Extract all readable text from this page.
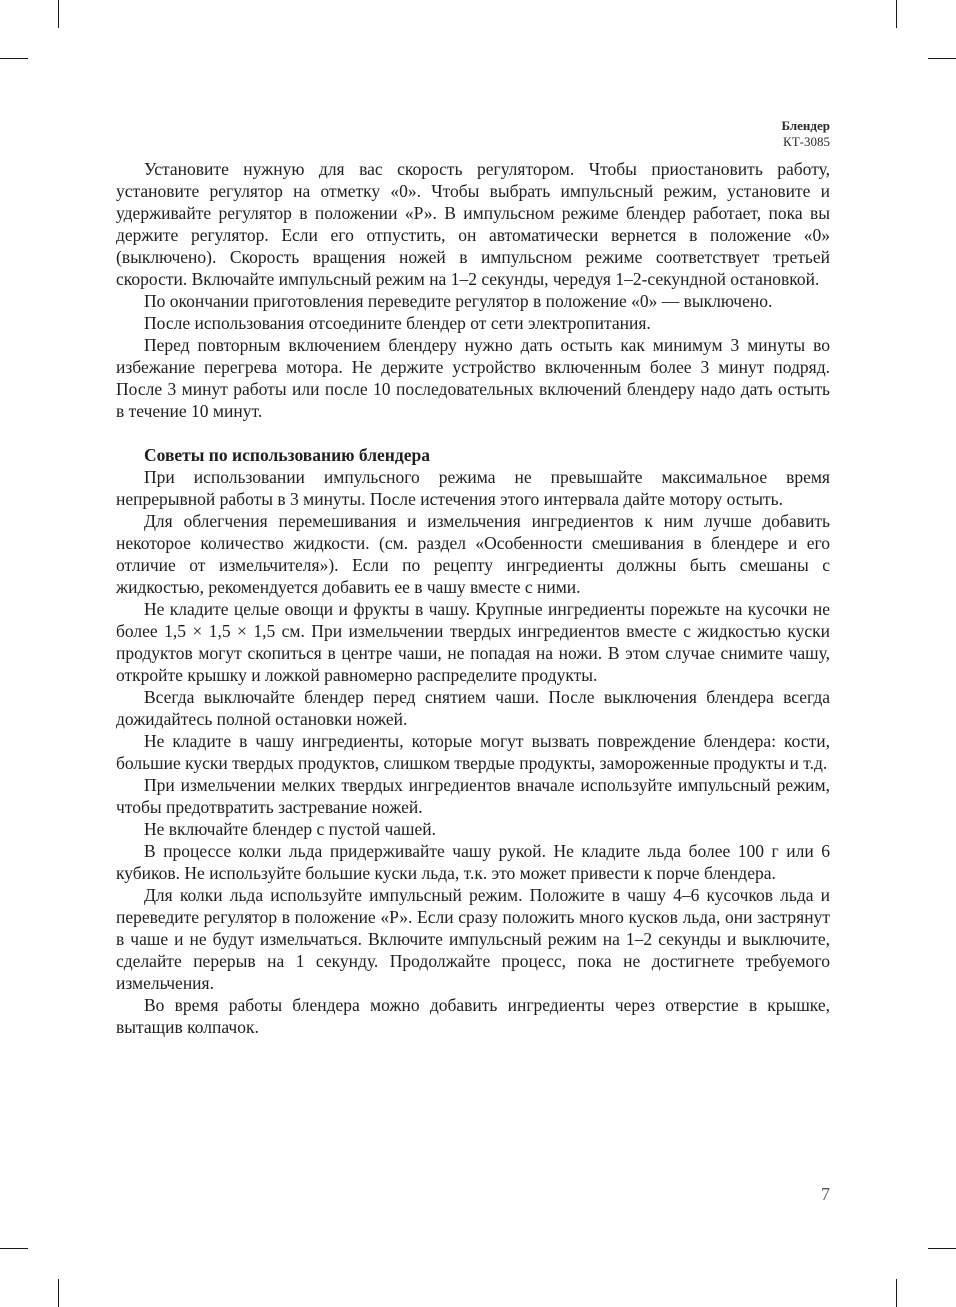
Блендер
КТ-3085

Установите нужную для вас скорость регулятором. Чтобы приостановить работу, установите регулятор на отметку «0». Чтобы выбрать импульсный режим, установите и удерживайте регулятор в положении «Р». В импульсном режиме блендер работает, пока вы держите регулятор. Если его отпустить, он автоматически вернется в положение «0» (выключено). Скорость вращения ножей в импульсном режиме соответствует третьей скорости. Включайте импульсный режим на 1–2 секунды, чередуя 1–2-секундной остановкой.

По окончании приготовления переведите регулятор в положение «0» — выключено.

После использования отсоедините блендер от сети электропитания.

Перед повторным включением блендеру нужно дать остыть как минимум 3 минуты во избежание перегрева мотора. Не держите устройство включенным более 3 минут подряд. После 3 минут работы или после 10 последовательных включений блендеру надо дать остыть в течение 10 минут.

Советы по использованию блендера

При использовании импульсного режима не превышайте максимальное время непрерывной работы в 3 минуты. После истечения этого интервала дайте мотору остыть.

Для облегчения перемешивания и измельчения ингредиентов к ним лучше добавить некоторое количество жидкости. (см. раздел «Особенности смешивания в блендере и его отличие от измельчителя»). Если по рецепту ингредиенты должны быть смешаны с жидкостью, рекомендуется добавить ее в чашу вместе с ними.

Не кладите целые овощи и фрукты в чашу. Крупные ингредиенты порежьте на кусочки не более 1,5 × 1,5 × 1,5 см. При измельчении твердых ингредиентов вместе с жидкостью куски продуктов могут скопиться в центре чаши, не попадая на ножи. В этом случае снимите чашу, откройте крышку и ложкой равномерно распределите продукты.

Всегда выключайте блендер перед снятием чаши. После выключения блендера всегда дожидайтесь полной остановки ножей.

Не кладите в чашу ингредиенты, которые могут вызвать повреждение блендера: кости, большие куски твердых продуктов, слишком твердые продукты, замороженные продукты и т.д.

При измельчении мелких твердых ингредиентов вначале используйте импульсный режим, чтобы предотвратить застревание ножей.

Не включайте блендер с пустой чашей.

В процессе колки льда придерживайте чашу рукой. Не кладите льда более 100 г или 6 кубиков. Не используйте большие куски льда, т.к. это может привести к порче блендера.

Для колки льда используйте импульсный режим. Положите в чашу 4–6 кусочков льда и переведите регулятор в положение «Р». Если сразу положить много кусков льда, они застрянут в чаше и не будут измельчаться. Включите импульсный режим на 1–2 секунды и выключите, сделайте перерыв на 1 секунду. Продолжайте процесс, пока не достигнете требуемого измельчения.

Во время работы блендера можно добавить ингредиенты через отверстие в крышке, вытащив колпачок.

7
